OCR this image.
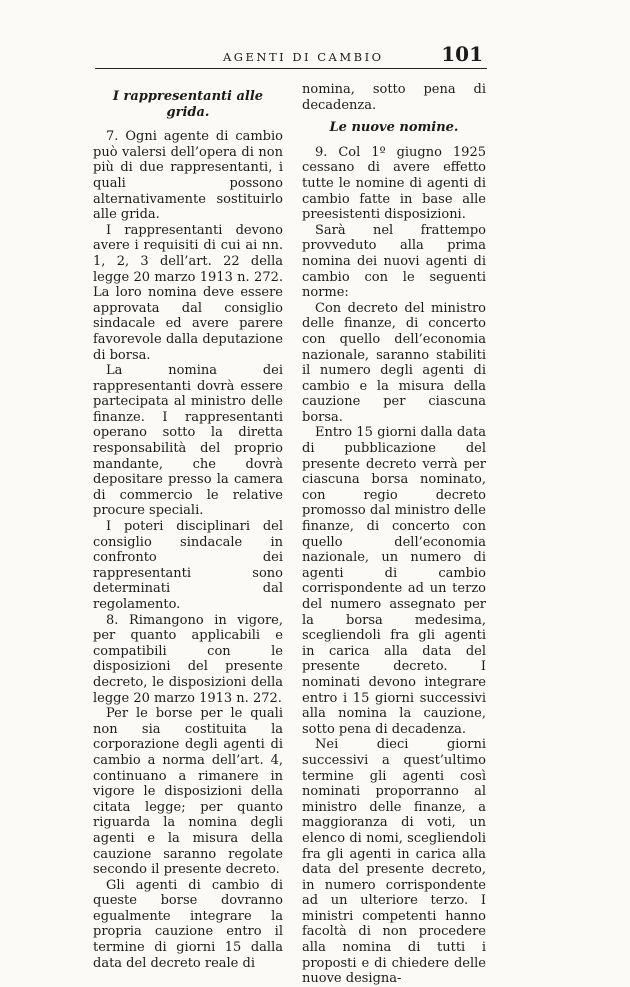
AGENTI DI CAMBIO	101

I rappresentanti alle grida.

7. Ogni agente di cambio può valersi dell’opera di non più di due rappresentanti, i quali possono alternativamente sostituirlo alle grida.

I rappresentanti devono avere i requisiti di cui ai nn. 1, 2, 3 dell’art. 22 della legge 20 marzo 1913 n. 272. La loro nomina deve essere approvata dal consiglio sindacale ed avere parere favorevole dalla deputazione di borsa.

La nomina dei rappresentanti dovrà essere partecipata al ministro delle finanze. I rappresentanti operano sotto la diretta responsabilità del proprio mandante, che dovrà depositare presso la camera di commercio le relative procure speciali.

I poteri disciplinari del consiglio sindacale in confronto dei rappresentanti sono determinati dal regolamento.

8. Rimangono in vigore, per quanto applicabili e compatibili con le disposizioni del presente decreto, le disposizioni della legge 20 marzo 1913 n. 272.

Per le borse per le quali non sia costituita la corporazione degli agenti di cambio a norma dell’art. 4, continuano a rimanere in vigore le disposizioni della citata legge; per quanto riguarda la nomina degli agenti e la misura della cauzione saranno regolate secondo il presente decreto.

Gli agenti di cambio di queste borse dovranno egualmente integrare la propria cauzione entro il termine di giorni 15 dalla data del decreto reale di

nomina, sotto pena di decadenza.

Le nuove nomine.

9. Col 1º giugno 1925 cessano di avere effetto tutte le nomine di agenti di cambio fatte in base alle preesistenti disposizioni.

Sarà nel frattempo provveduto alla prima nomina dei nuovi agenti di cambio con le seguenti norme:

Con decreto del ministro delle finanze, di concerto con quello dell’economia nazionale, saranno stabiliti il numero degli agenti di cambio e la misura della cauzione per ciascuna borsa.

Entro 15 giorni dalla data di pubblicazione del presente decreto verrà per ciascuna borsa nominato, con regio decreto promosso dal ministro delle finanze, di concerto con quello dell’economia nazionale, un numero di agenti di cambio corrispondente ad un terzo del numero assegnato per la borsa medesima, scegliendoli fra gli agenti in carica alla data del presente decreto. I nominati devono integrare entro i 15 giorni successivi alla nomina la cauzione, sotto pena di decadenza.

Nei dieci giorni successivi a quest’ultimo termine gli agenti così nominati proporranno al ministro delle finanze, a maggioranza di voti, un elenco di nomi, scegliendoli fra gli agenti in carica alla data del presente decreto, in numero corrispondente ad un ulteriore terzo. I ministri competenti hanno facoltà di non procedere alla nomina di tutti i proposti e di chiedere delle nuove designa-
